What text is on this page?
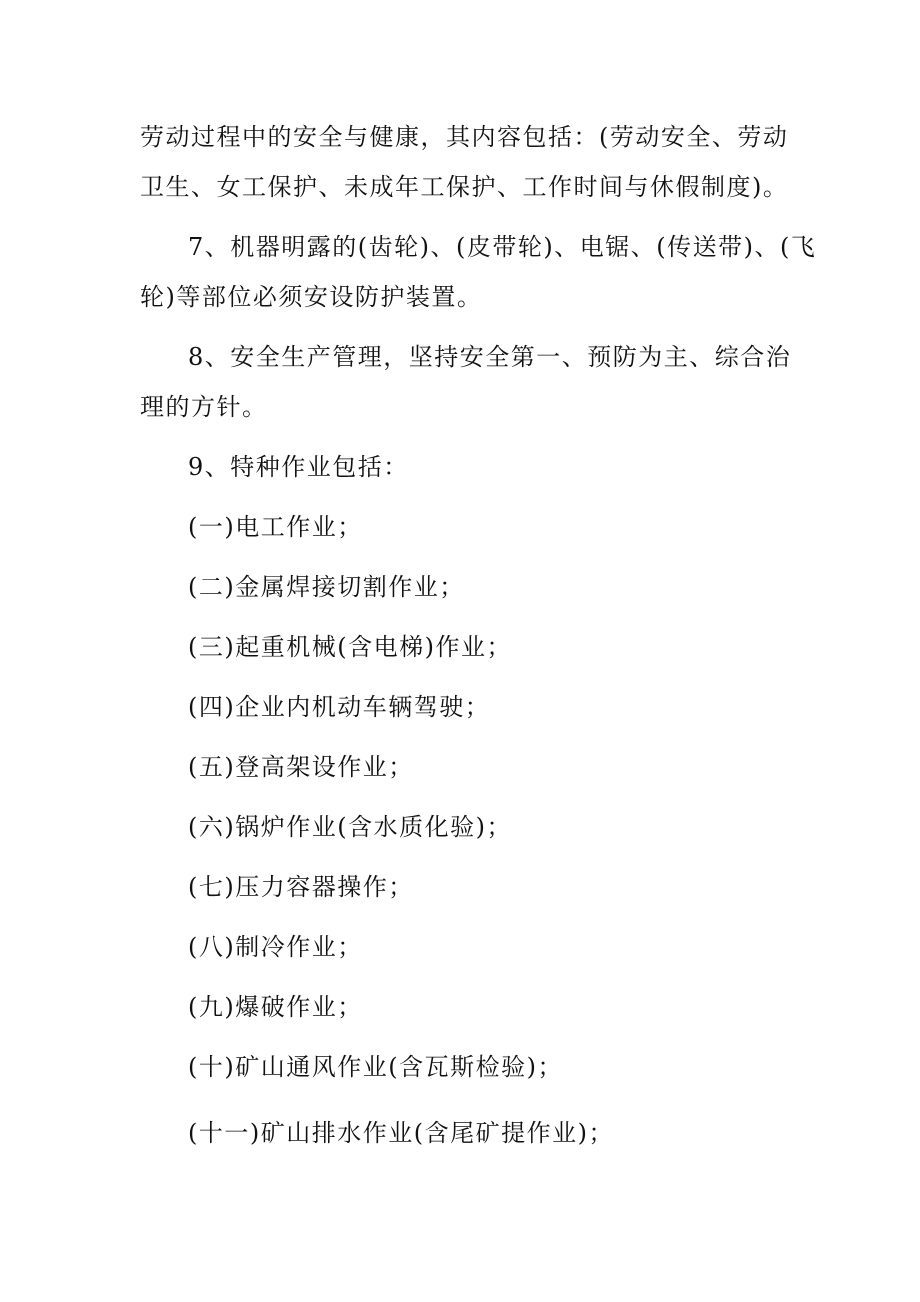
劳动过程中的安全与健康，其内容包括：(劳动安全、劳动
卫生、女工保护、未成年工保护、工作时间与休假制度)。
7、机器明露的(齿轮)、(皮带轮)、电锯、(传送带)、(飞
轮)等部位必须安设防护装置。
8、安全生产管理，坚持安全第一、预防为主、综合治
理的方针。
9、特种作业包括：
(一)电工作业；
(二)金属焊接切割作业；
(三)起重机械(含电梯)作业；
(四)企业内机动车辆驾驶；
(五)登高架设作业；
(六)锅炉作业(含水质化验)；
(七)压力容器操作；
(八)制冷作业；
(九)爆破作业；
(十)矿山通风作业(含瓦斯检验)；
(十一)矿山排水作业(含尾矿提作业)；
